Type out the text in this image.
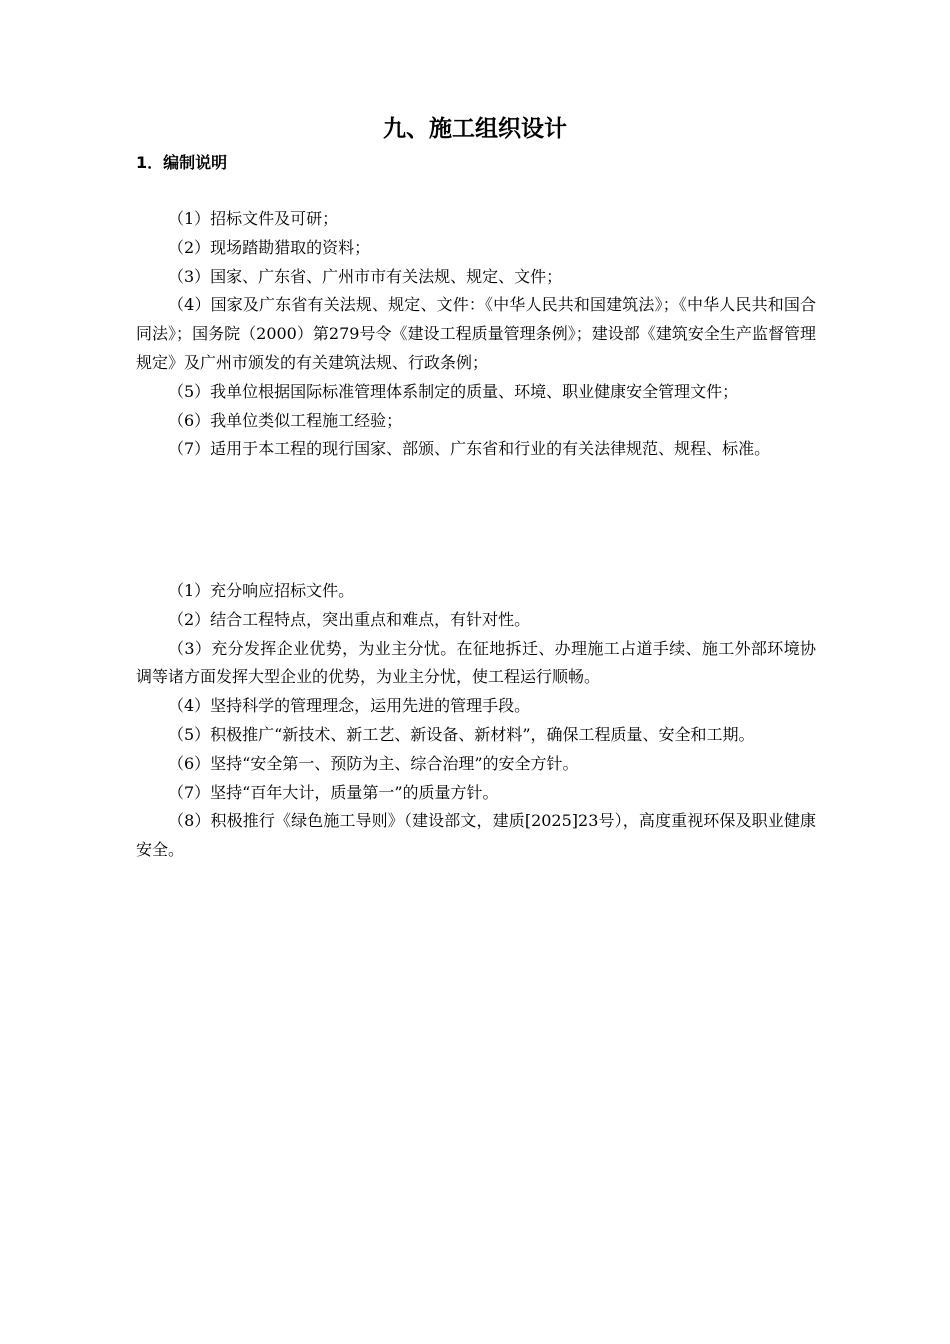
九、施工组织设计
1．编制说明

（1）招标文件及可研；

（2）现场踏勘猎取的资料；

（3）国家、广东省、广州市市有关法规、规定、文件；

（4）国家及广东省有关法规、规定、文件：《中华人民共和国建筑法》；《中华人民共和国合同法》；国务院（2000）第279号令《建设工程质量管理条例》；建设部《建筑安全生产监督管理规定》及广州市颁发的有关建筑法规、行政条例；

（5）我单位根据国际标准管理体系制定的质量、环境、职业健康安全管理文件；

（6）我单位类似工程施工经验；

（7）适用于本工程的现行国家、部颁、广东省和行业的有关法律规范、规程、标准。

（1）充分响应招标文件。

（2）结合工程特点，突出重点和难点，有针对性。

（3）充分发挥企业优势，为业主分忧。在征地拆迁、办理施工占道手续、施工外部环境协调等诸方面发挥大型企业的优势，为业主分忧，使工程运行顺畅。

（4）坚持科学的管理理念，运用先进的管理手段。

（5）积极推广“新技术、新工艺、新设备、新材料”，确保工程质量、安全和工期。

（6）坚持“安全第一、预防为主、综合治理”的安全方针。

（7）坚持“百年大计，质量第一”的质量方针。

（8）积极推行《绿色施工导则》（建设部文，建质[2025]23号），高度重视环保及职业健康安全。
